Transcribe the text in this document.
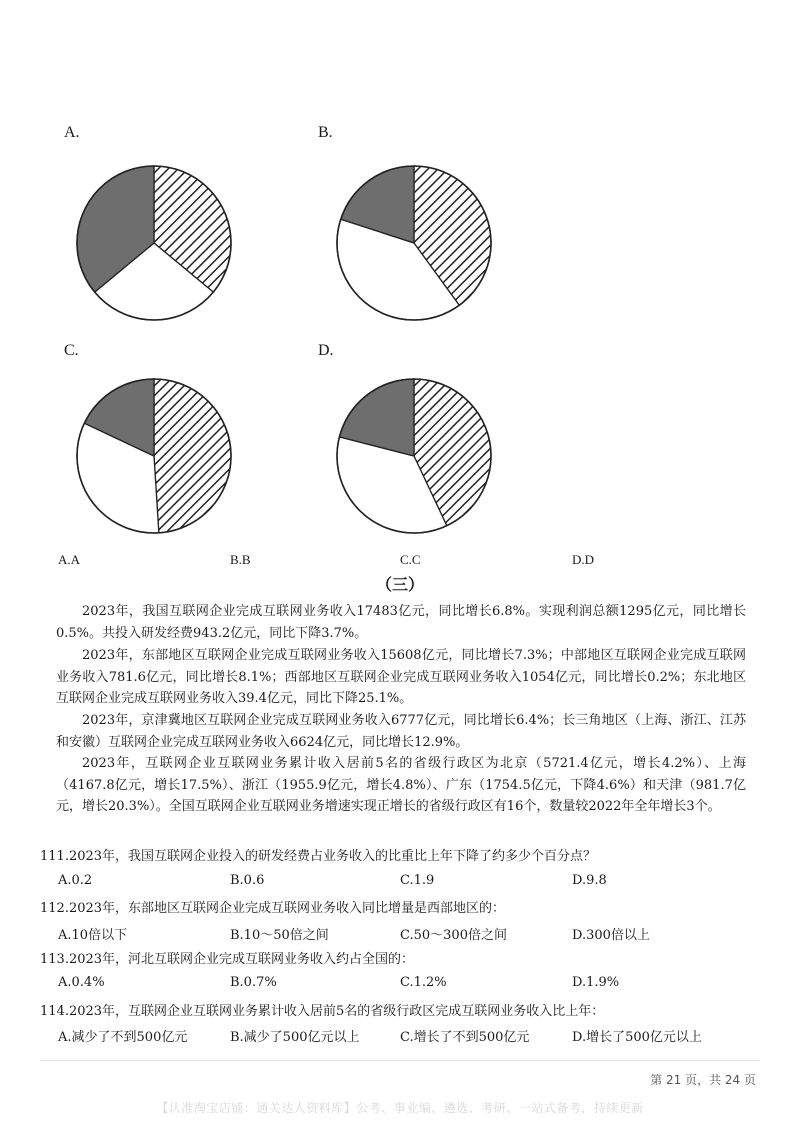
A.	B.
C.	D.
A.A	B.B	C.C	D.D
（三）

2023年，我国互联网企业完成互联网业务收入17483亿元，同比增长6.8%。实现利润总额1295亿元，同比增长0.5%。共投入研发经费943.2亿元，同比下降3.7%。

2023年，东部地区互联网企业完成互联网业务收入15608亿元，同比增长7.3%；中部地区互联网企业完成互联网业务收入781.6亿元，同比增长8.1%；西部地区互联网企业完成互联网业务收入1054亿元，同比增长0.2%；东北地区互联网企业完成互联网业务收入39.4亿元，同比下降25.1%。

2023年，京津冀地区互联网企业完成互联网业务收入6777亿元，同比增长6.4%；长三角地区（上海、浙江、江苏和安徽）互联网企业完成互联网业务收入6624亿元，同比增长12.9%。

2023年，互联网企业互联网业务累计收入居前5名的省级行政区为北京（5721.4亿元，增长4.2%）、上海（4167.8亿元，增长17.5%）、浙江（1955.9亿元，增长4.8%）、广东（1754.5亿元，下降4.6%）和天津（981.7亿元，增长20.3%）。全国互联网企业互联网业务增速实现正增长的省级行政区有16个，数量较2022年全年增长3个。

111.2023年，我国互联网企业投入的研发经费占业务收入的比重比上年下降了约多少个百分点？
A.0.2	B.0.6	C.1.9	D.9.8
112.2023年，东部地区互联网企业完成互联网业务收入同比增量是西部地区的：
A.10倍以下	B.10～50倍之间	C.50～300倍之间	D.300倍以上
113.2023年，河北互联网企业完成互联网业务收入约占全国的：
A.0.4%	B.0.7%	C.1.2%	D.1.9%
114.2023年，互联网企业互联网业务累计收入居前5名的省级行政区完成互联网业务收入比上年：
A.减少了不到500亿元	B.减少了500亿元以上	C.增长了不到500亿元	D.增长了500亿元以上
第 21 页，共 24 页
【认准淘宝店铺：通关达人资料库】公考、事业编、遴选、考研、一站式备考，持续更新
